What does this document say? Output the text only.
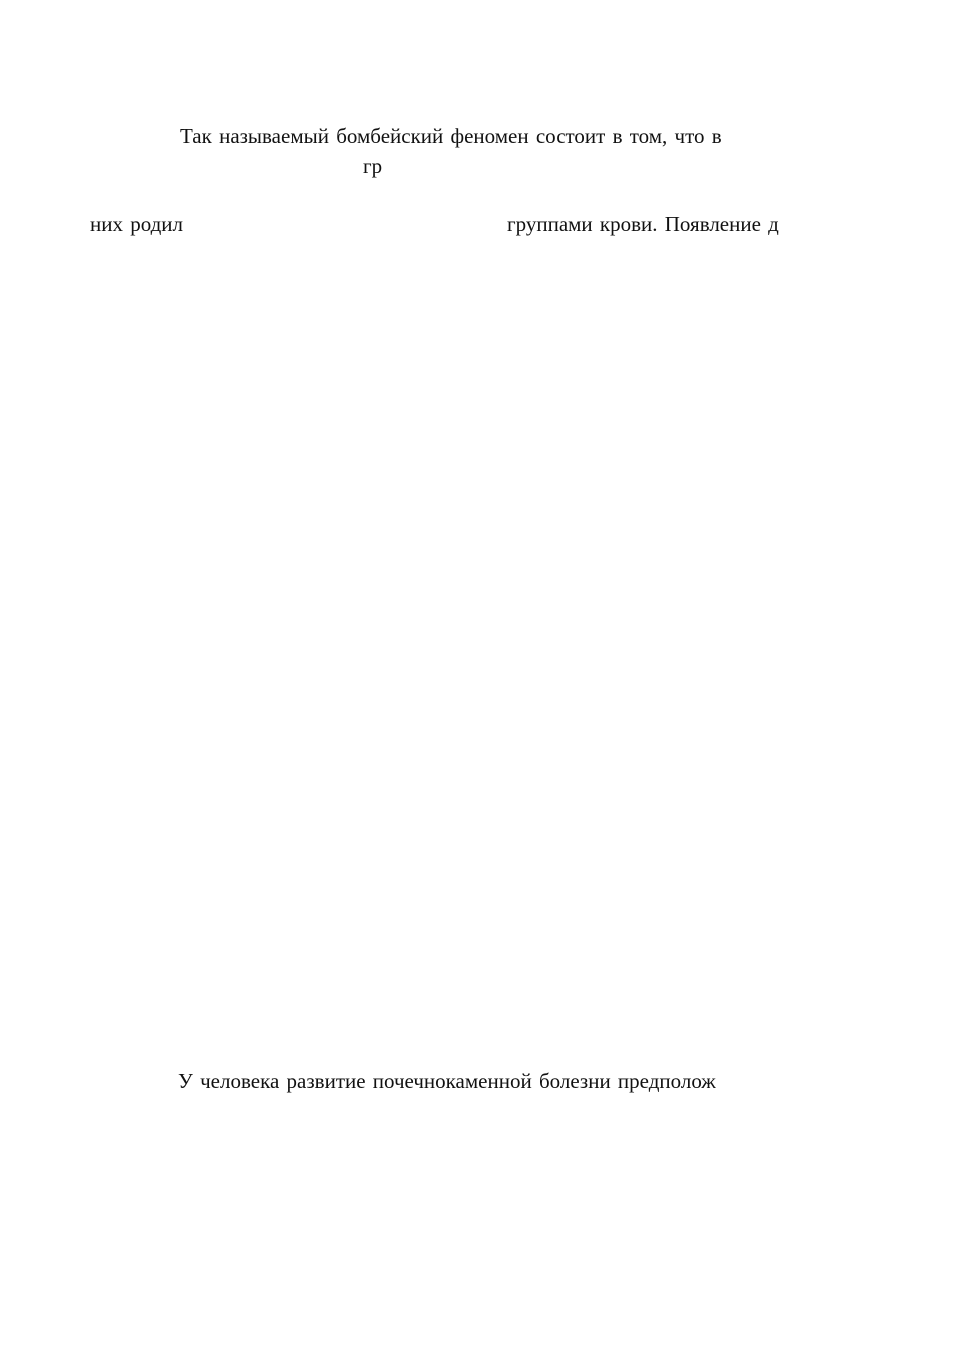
Так называемый бомбейский феномен состоит в том, что в
гр
них родил	группами крови. Появление д
У человека развитие почечнокаменной болезни предполож
